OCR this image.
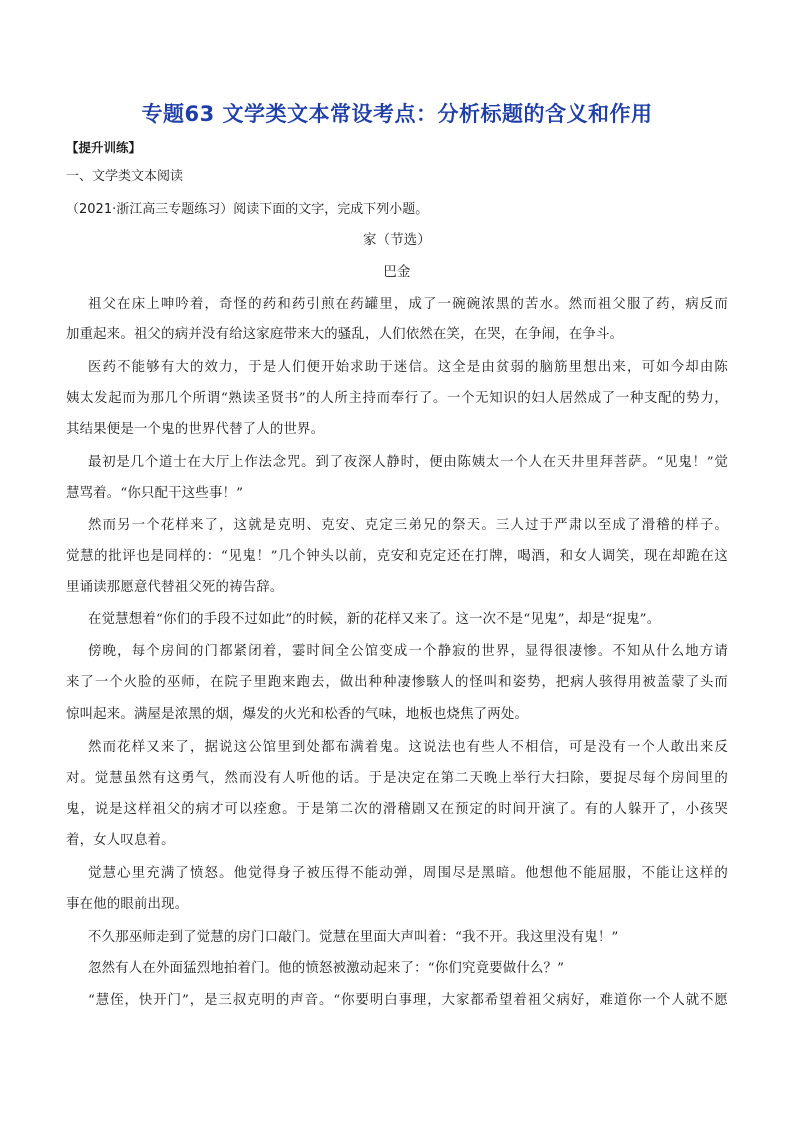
专题63 文学类文本常设考点：分析标题的含义和作用
【提升训练】
一、文学类文本阅读
（2021·浙江高三专题练习）阅读下面的文字，完成下列小题。
家（节选）
巴金
祖父在床上呻吟着，奇怪的药和药引煎在药罐里，成了一碗碗浓黑的苦水。然而祖父服了药，病反而
加重起来。祖父的病并没有给这家庭带来大的骚乱，人们依然在笑，在哭，在争闹，在争斗。
医药不能够有大的效力，于是人们便开始求助于迷信。这全是由贫弱的脑筋里想出来，可如今却由陈
姨太发起而为那几个所谓“熟读圣贤书”的人所主持而奉行了。一个无知识的妇人居然成了一种支配的势力，
其结果便是一个鬼的世界代替了人的世界。
最初是几个道士在大厅上作法念咒。到了夜深人静时，便由陈姨太一个人在天井里拜菩萨。“见鬼！”觉
慧骂着。“你只配干这些事！”
然而另一个花样来了，这就是克明、克安、克定三弟兄的祭天。三人过于严肃以至成了滑稽的样子。
觉慧的批评也是同样的：“见鬼！”几个钟头以前，克安和克定还在打牌，喝酒，和女人调笑，现在却跪在这
里诵读那愿意代替祖父死的祷告辞。
在觉慧想着“你们的手段不过如此”的时候，新的花样又来了。这一次不是“见鬼”，却是“捉鬼”。
傍晚，每个房间的门都紧闭着，霎时间全公馆变成一个静寂的世界，显得很凄惨。不知从什么地方请
来了一个火脸的巫师，在院子里跑来跑去，做出种种凄惨駭人的怪叫和姿势，把病人骇得用被盖蒙了头而
惊叫起来。满屋是浓黑的烟，爆发的火光和松香的气味，地板也烧焦了两处。
然而花样又来了，据说这公馆里到处都布满着鬼。这说法也有些人不相信，可是没有一个人敢出来反
对。觉慧虽然有这勇气，然而没有人听他的话。于是决定在第二天晚上举行大扫除，要捉尽每个房间里的
鬼，说是这样祖父的病才可以痊愈。于是第二次的滑稽剧又在预定的时间开演了。有的人躲开了，小孩哭
着，女人叹息着。
觉慧心里充满了愤怒。他觉得身子被压得不能动弹，周围尽是黑暗。他想他不能屈服，不能让这样的
事在他的眼前出现。
不久那巫师走到了觉慧的房门口敲门。觉慧在里面大声叫着：“我不开。我这里没有鬼！”
忽然有人在外面猛烈地拍着门。他的愤怒被激动起来了：“你们究竟要做什么？”
“慧侄，快开门”，是三叔克明的声音。“你要明白事理，大家都希望着祖父病好，难道你一个人就不愿
